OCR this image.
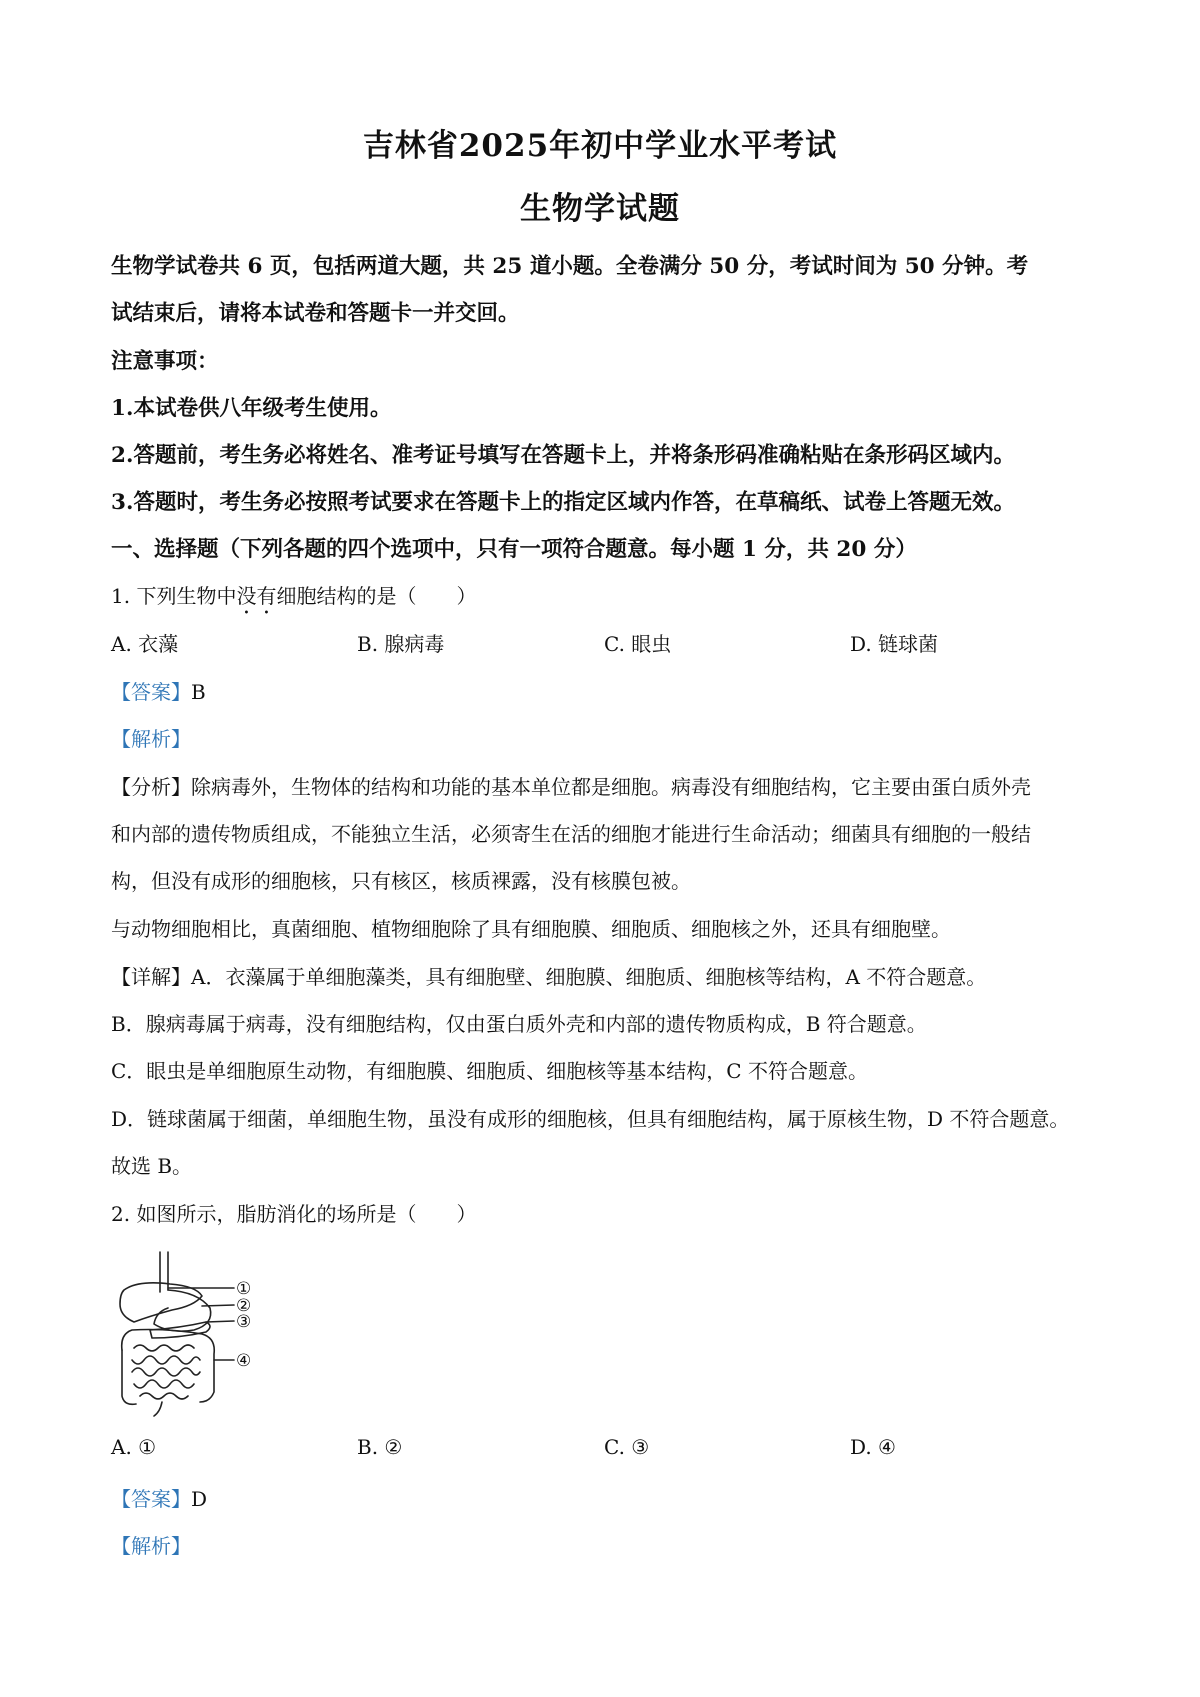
吉林省2025年初中学业水平考试
生物学试题
生物学试卷共 6 页，包括两道大题，共 25 道小题。全卷满分 50 分，考试时间为 50 分钟。考
试结束后，请将本试卷和答题卡一并交回。
注意事项：
1.本试卷供八年级考生使用。
2.答题前，考生务必将姓名、准考证号填写在答题卡上，并将条形码准确粘贴在条形码区域内。
3.答题时，考生务必按照考试要求在答题卡上的指定区域内作答，在草稿纸、试卷上答题无效。
一、选择题（下列各题的四个选项中，只有一项符合题意。每小题 1 分，共 20 分）
1. 下列生物中没有细胞结构的是（　　）
A. 衣藻	B. 腺病毒	C. 眼虫	D. 链球菌
【答案】B
【解析】
【分析】除病毒外，生物体的结构和功能的基本单位都是细胞。病毒没有细胞结构，它主要由蛋白质外壳
和内部的遗传物质组成，不能独立生活，必须寄生在活的细胞才能进行生命活动；细菌具有细胞的一般结
构，但没有成形的细胞核，只有核区，核质裸露，没有核膜包被。
与动物细胞相比，真菌细胞、植物细胞除了具有细胞膜、细胞质、细胞核之外，还具有细胞壁。
【详解】A．衣藻属于单细胞藻类，具有细胞壁、细胞膜、细胞质、细胞核等结构，A 不符合题意。
B．腺病毒属于病毒，没有细胞结构，仅由蛋白质外壳和内部的遗传物质构成，B 符合题意。
C．眼虫是单细胞原生动物，有细胞膜、细胞质、细胞核等基本结构，C 不符合题意。
D．链球菌属于细菌，单细胞生物，虽没有成形的细胞核，但具有细胞结构，属于原核生物，D 不符合题意。
故选 B。
2. 如图所示，脂肪消化的场所是（　　）
①
②
③
④
A. ①	B. ②	C. ③	D. ④
【答案】D
【解析】
